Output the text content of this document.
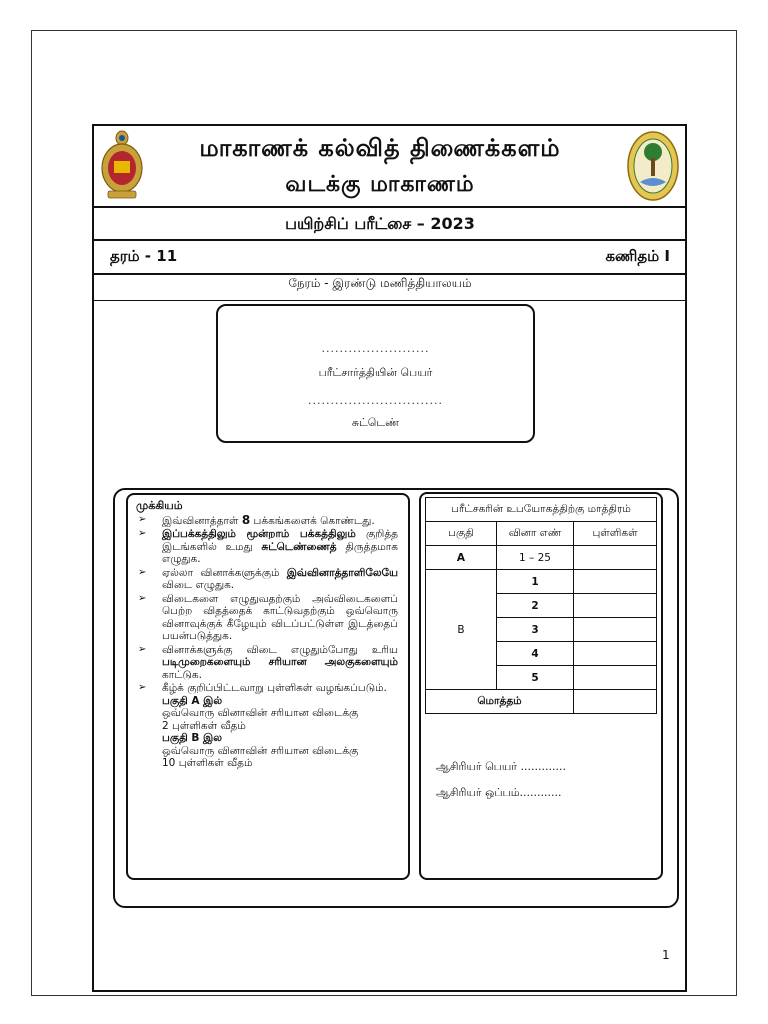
மாகாணக் கல்வித் திணைக்களம்
வடக்கு மாகாணம்
பயிற்சிப் பரீட்சை – 2023
தரம் - 11	கணிதம் I
நேரம் - இரண்டு மணித்தியாலயம்
........................
பரீட்சார்த்தியின் பெயர்
..............................
சுட்டெண்
முக்கியம்
➢ இவ்வினாத்தாள் 8 பக்கங்களைக் கொண்டது.
➢ இப்பக்கத்திலும் மூன்றாம் பக்கத்திலும் குறித்த இடங்களில் உமது சுட்டெண்ணைத் திருத்தமாக எழுதுக.
➢ ஏல்லா வினாக்களுக்கும் இவ்வினாத்தாளிலேயே விடை எழுதுக.
➢ விடைகளை எழுதுவதற்கும் அவ்விடைகளைப் பெற்ற விதத்தைக் காட்டுவதற்கும் ஒவ்வொரு வினாவுக்குக் கீழேயும் விடப்பட்டுள்ள இடத்தைப் பயன்படுத்துக.
➢ வினாக்களுக்கு விடை எழுதும்போது உரிய படிமுறைகளையும் சரியான அலகுகளையும் காட்டுக.
➢ கீழ்க் குறிப்பிட்டவாறு புள்ளிகள் வழங்கப்படும்.
பகுதி A இல்
ஒவ்வொரு வினாவின் சரியான விடைக்கு
2 புள்ளிகள் வீதம்
பகுதி B இல
ஒவ்வொரு வினாவின் சரியான விடைக்கு
10 புள்ளிகள் வீதம்
பரீட்சகரின் உபயோகத்திற்கு மாத்திரம்		
பகுதி	வினா எண்	புள்ளிகள்
A	1 – 25	
B	1	
	2	
	3	
	4	
	5	
மொத்தம்		
ஆசிரியர் பெயர் .............
ஆசிரியர் ஒப்பம்............
1
